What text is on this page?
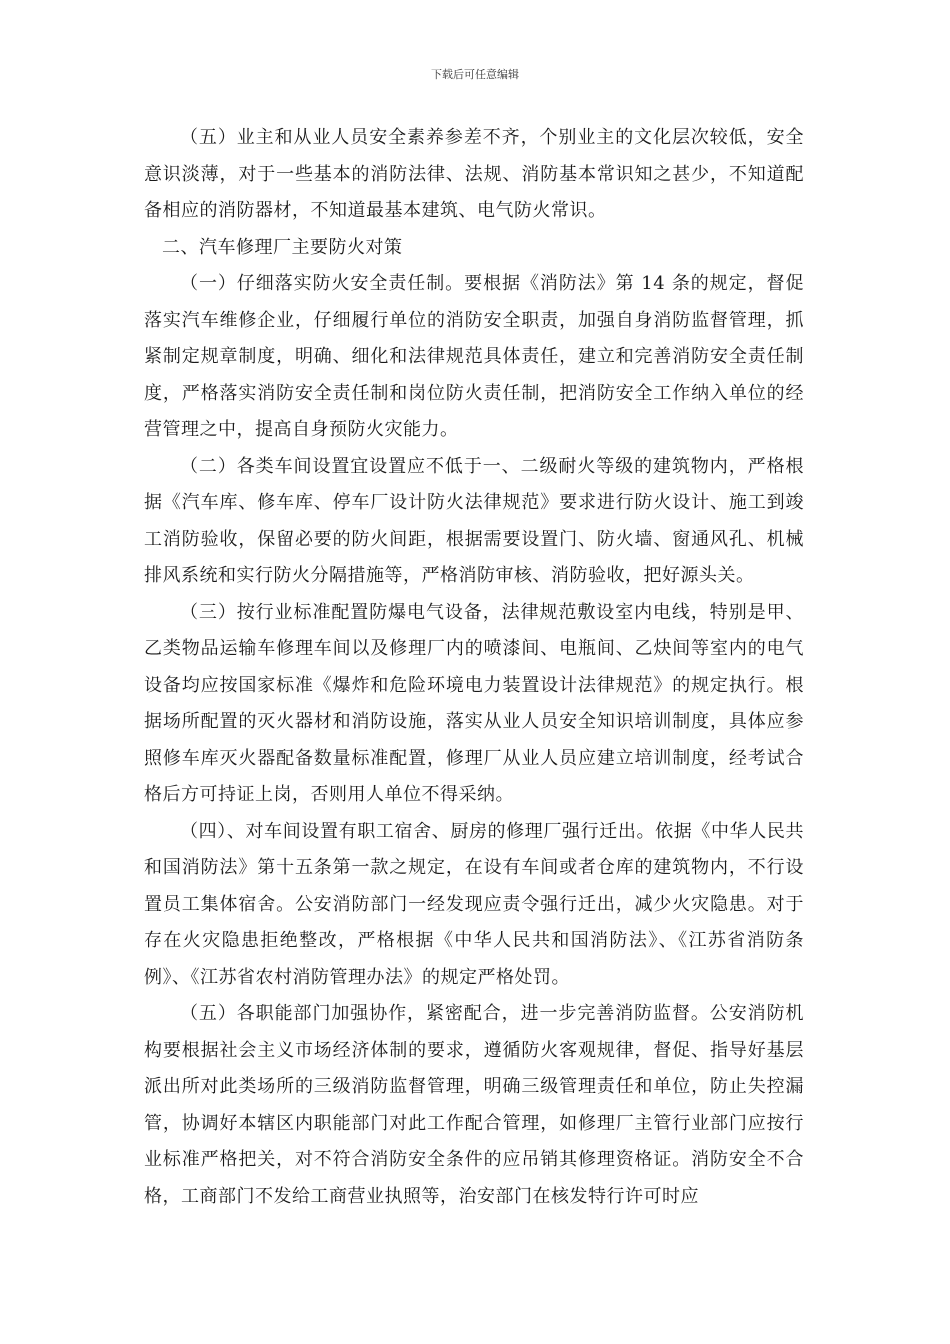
下载后可任意编辑

（五）业主和从业人员安全素养参差不齐，个别业主的文化层次较低，安全意识淡薄，对于一些基本的消防法律、法规、消防基本常识知之甚少，不知道配备相应的消防器材，不知道最基本建筑、电气防火常识。

二、汽车修理厂主要防火对策

（一）仔细落实防火安全责任制。要根据《消防法》第 14 条的规定，督促落实汽车维修企业，仔细履行单位的消防安全职责，加强自身消防监督管理，抓紧制定规章制度，明确、细化和法律规范具体责任，建立和完善消防安全责任制度，严格落实消防安全责任制和岗位防火责任制，把消防安全工作纳入单位的经营管理之中，提高自身预防火灾能力。

（二）各类车间设置宜设置应不低于一、二级耐火等级的建筑物内，严格根据《汽车库、修车库、停车厂设计防火法律规范》要求进行防火设计、施工到竣工消防验收，保留必要的防火间距，根据需要设置门、防火墙、窗通风孔、机械排风系统和实行防火分隔措施等，严格消防审核、消防验收，把好源头关。

（三）按行业标准配置防爆电气设备，法律规范敷设室内电线，特别是甲、乙类物品运输车修理车间以及修理厂内的喷漆间、电瓶间、乙炔间等室内的电气设备均应按国家标准《爆炸和危险环境电力装置设计法律规范》的规定执行。根据场所配置的灭火器材和消防设施，落实从业人员安全知识培训制度，具体应参照修车库灭火器配备数量标准配置，修理厂从业人员应建立培训制度，经考试合格后方可持证上岗，否则用人单位不得采纳。

（四）、对车间设置有职工宿舍、厨房的修理厂强行迁出。依据《中华人民共和国消防法》第十五条第一款之规定，在设有车间或者仓库的建筑物内，不行设置员工集体宿舍。公安消防部门一经发现应责令强行迁出，减少火灾隐患。对于存在火灾隐患拒绝整改，严格根据《中华人民共和国消防法》、《江苏省消防条例》、《江苏省农村消防管理办法》的规定严格处罚。

（五）各职能部门加强协作，紧密配合，进一步完善消防监督。公安消防机构要根据社会主义市场经济体制的要求，遵循防火客观规律，督促、指导好基层派出所对此类场所的三级消防监督管理，明确三级管理责任和单位，防止失控漏管，协调好本辖区内职能部门对此工作配合管理，如修理厂主管行业部门应按行业标准严格把关，对不符合消防安全条件的应吊销其修理资格证。消防安全不合格，工商部门不发给工商营业执照等，治安部门在核发特行许可时应
